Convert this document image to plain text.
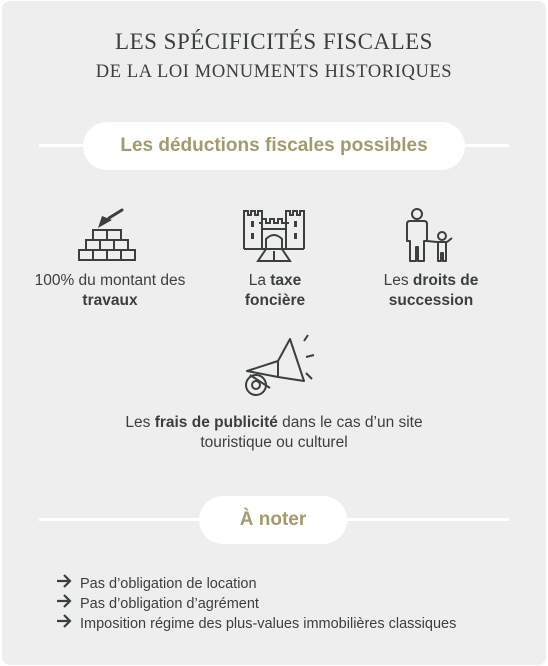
LES SPÉCIFICITÉS FISCALES
DE LA LOI MONUMENTS HISTORIQUES
Les déductions fiscales possibles
100% du montant des travaux
La taxe foncière
Les droits de succession
Les frais de publicité dans le cas d’un site touristique ou culturel
À noter
Pas d’obligation de location
Pas d’obligation d’agrément
Imposition régime des plus-values immobilières classiques
